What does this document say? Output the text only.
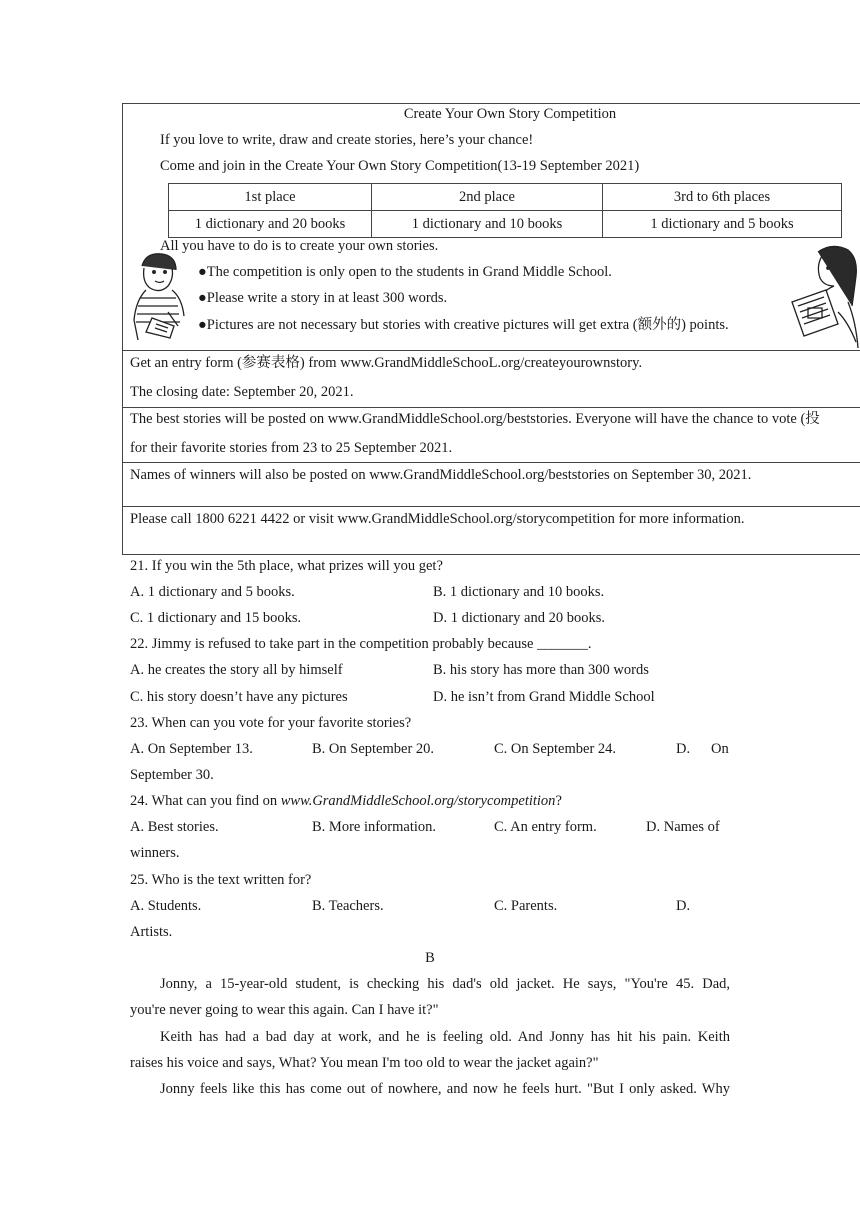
Create Your Own Story Competition
If you love to write, draw and create stories, here’s your chance!
Come and join in the Create Your Own Story Competition(13-19 September 2021)
1st place	2nd place	3rd to 6th places
1 dictionary and 20 books	1 dictionary and 10 books	1 dictionary and 5 books
All you have to do is to create your own stories.
●The competition is only open to the students in Grand Middle School.
●Please write a story in at least 300 words.
●Pictures are not necessary but stories with creative pictures will get extra (额外的) points.
Get an entry form (参赛表格) from www.GrandMiddleSchooL.org/createyourownstory.
The closing date: September 20, 2021.
The best stories will be posted on www.GrandMiddleSchool.org/beststories. Everyone will have the chance to vote (投
for their favorite stories from 23 to 25 September 2021.
Names of winners will also be posted on www.GrandMiddleSchool.org/beststories on September 30, 2021.
Please call 1800 6221 4422 or visit www.GrandMiddleSchool.org/storycompetition for more information.
21. If you win the 5th place, what prizes will you get?
A. 1 dictionary and 5 books.	B. 1 dictionary and 10 books.
C. 1 dictionary and 15 books.	D. 1 dictionary and 20 books.
22. Jimmy is refused to take part in the competition probably because _______.
A. he creates the story all by himself	B. his story has more than 300 words
C. his story doesn’t have any pictures	D. he isn’t from Grand Middle School
23. When can you vote for your favorite stories?
A. On September 13.	B. On September 20.	C. On September 24.	D. On
September 30.
24. What can you find on www.GrandMiddleSchool.org/storycompetition?
A. Best stories.	B. More information.	C. An entry form.	D. Names of
winners.
25. Who is the text written for?
A. Students.	B. Teachers.	C. Parents.	D.
Artists.
B
Jonny, a 15-year-old student, is checking his dad's old jacket. He says, "You're 45. Dad,
you're never going to wear this again. Can I have it?"
Keith has had a bad day at work, and he is feeling old. And Jonny has hit his pain. Keith
raises his voice and says, What? You mean I'm too old to wear the jacket again?"
Jonny feels like this has come out of nowhere, and now he feels hurt. "But I only asked. Why
